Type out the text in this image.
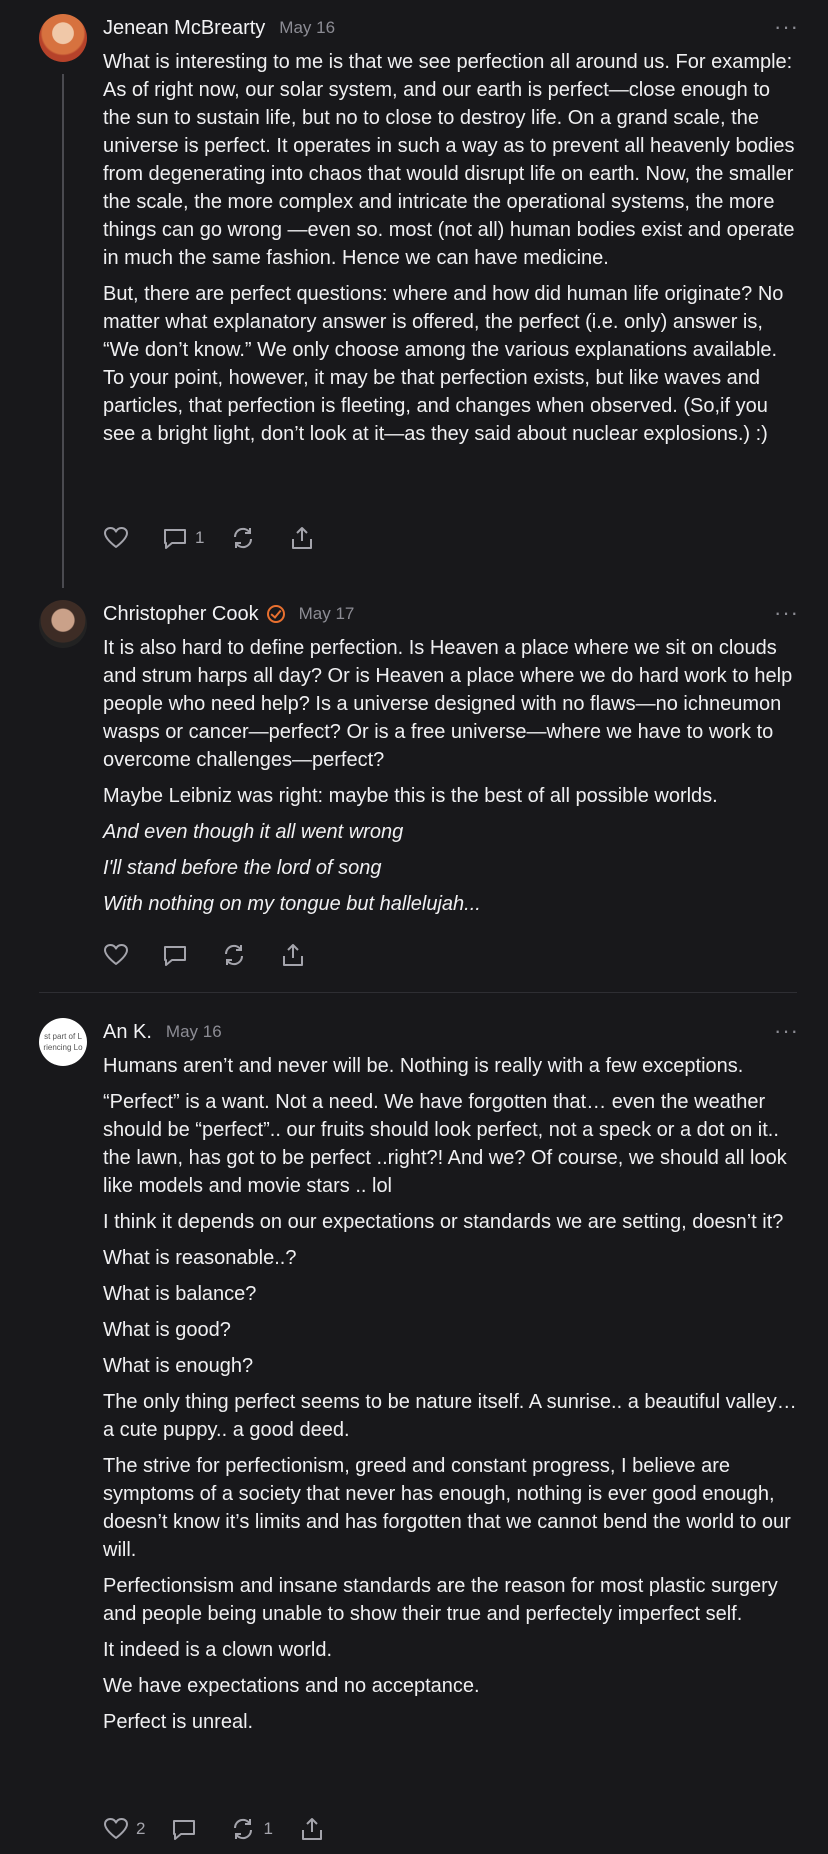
Jenean McBrearty May 16	···

What is interesting to me is that we see perfection all around us. For example: As of right now, our solar system, and our earth is perfect—close enough to the sun to sustain life, but no to close to destroy life. On a grand scale, the universe is perfect. It operates in such a way as to prevent all heavenly bodies from degenerating into chaos that would disrupt life on earth. Now, the smaller the scale, the more complex and intricate the operational systems, the more things can go wrong —even so. most (not all) human bodies exist and operate in much the same fashion. Hence we can have medicine.

But, there are perfect questions: where and how did human life originate? No matter what explanatory answer is offered, the perfect (i.e. only) answer is, “We don’t know.” We only choose among the various explanations available. To your point, however, it may be that perfection exists, but like waves and particles, that perfection is fleeting, and changes when observed. (So,if you see a bright light, don’t look at it—as they said about nuclear explosions.) :)

1
Christopher Cook May 17	···

It is also hard to define perfection. Is Heaven a place where we sit on clouds and strum harps all day? Or is Heaven a place where we do hard work to help people who need help? Is a universe designed with no flaws—no ichneumon wasps or cancer—perfect? Or is a free universe—where we have to work to overcome challenges—perfect?

Maybe Leibniz was right: maybe this is the best of all possible worlds.

And even though it all went wrong

I'll stand before the lord of song

With nothing on my tongue but hallelujah...

st part of L
riencing Lo
An K. May 16	···

Humans aren’t and never will be. Nothing is really with a few exceptions.

“Perfect” is a want. Not a need. We have forgotten that… even the weather should be “perfect”.. our fruits should look perfect, not a speck or a dot on it.. the lawn, has got to be perfect ..right?! And we? Of course, we should all look like models and movie stars .. lol

I think it depends on our expectations or standards we are setting, doesn’t it?

What is reasonable..?

What is balance?

What is good?

What is enough?

The only thing perfect seems to be nature itself. A sunrise.. a beautiful valley… a cute puppy.. a good deed.

The strive for perfectionism, greed and constant progress, I believe are symptoms of a society that never has enough, nothing is ever good enough, doesn’t know it’s limits and has forgotten that we cannot bend the world to our will.

Perfectionsism and insane standards are the reason for most plastic surgery and people being unable to show their true and perfectely imperfect self.

It indeed is a clown world.

We have expectations and no acceptance.

Perfect is unreal.

2	1
